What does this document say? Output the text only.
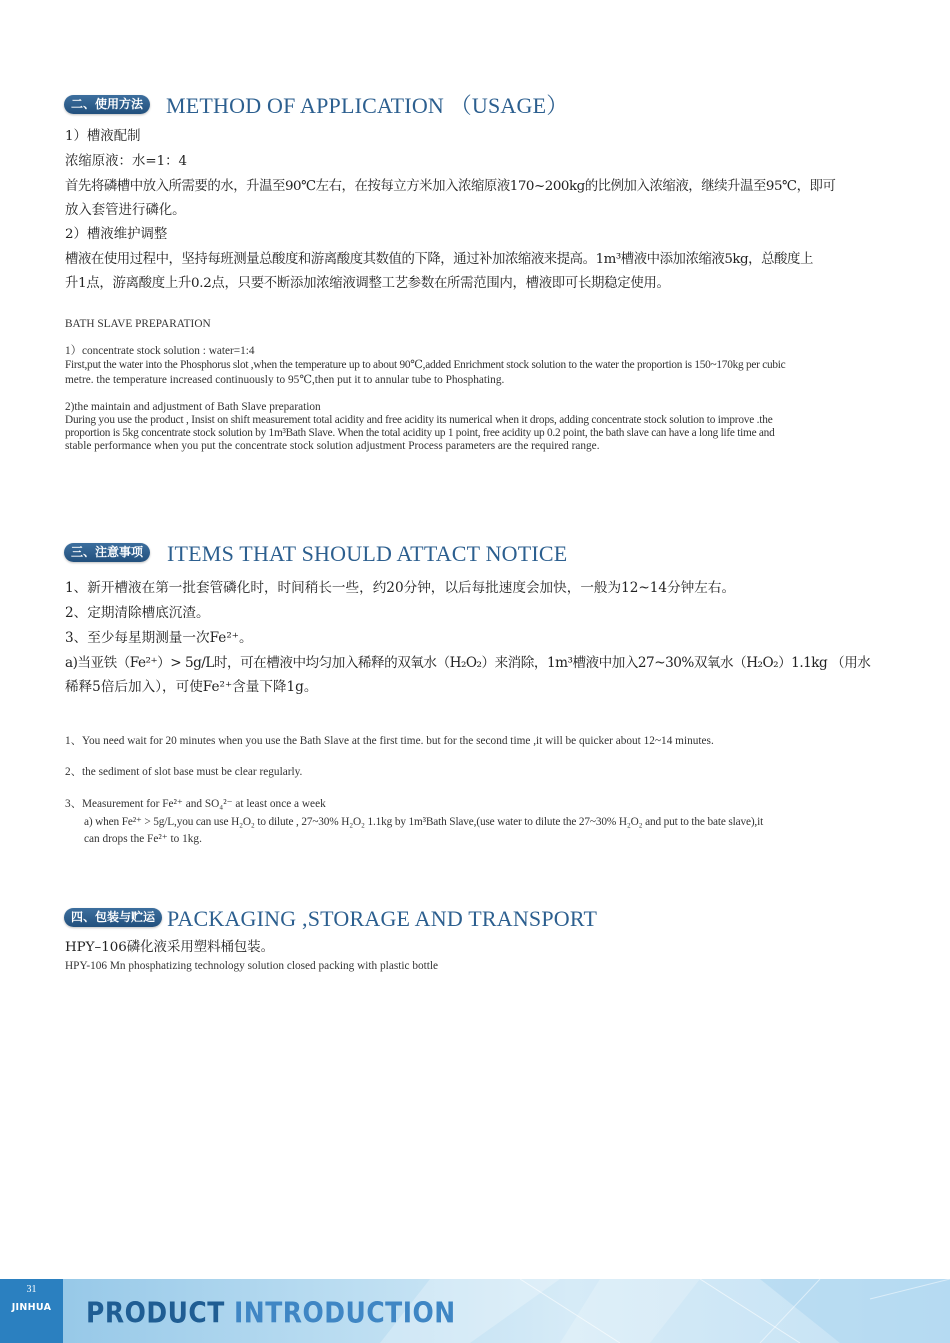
二、使用方法	METHOD OF APPLICATION （USAGE）
1）槽液配制
浓缩原液：水=1：4
首先将磷槽中放入所需要的水，升温至90℃左右，在按每立方米加入浓缩原液170~200kg的比例加入浓缩液，继续升温至95℃，即可
放入套管进行磷化。
2）槽液维护调整
槽液在使用过程中，坚持每班测量总酸度和游离酸度其数值的下降，通过补加浓缩液来提高。1m³槽液中添加浓缩液5kg，总酸度上
升1点，游离酸度上升0.2点，只要不断添加浓缩液调整工艺参数在所需范围内，槽液即可长期稳定使用。
BATH SLAVE PREPARATION
1）concentrate stock solution : water=1:4
First,put the water into the Phosphorus slot ,when the temperature up to about 90℃,added Enrichment stock solution to the water the proportion is 150~170kg per cubic
metre. the temperature increased continuously to 95℃,then put it to annular tube to Phosphating.
2)the maintain and adjustment of Bath Slave preparation
During you use the product , Insist on shift measurement total acidity and free acidity its numerical when it drops, adding concentrate stock solution to improve .the
proportion is 5kg concentrate stock solution by 1m³Bath Slave. When the total acidity up 1 point, free acidity up 0.2 point, the bath slave can have a long life time and
stable performance when you put the concentrate stock solution adjustment Process parameters are the required range.
三、注意事项	ITEMS THAT SHOULD ATTACT NOTICE
1、新开槽液在第一批套管磷化时，时间稍长一些，约20分钟，以后每批速度会加快，一般为12~14分钟左右。
2、定期清除槽底沉渣。
3、至少每星期测量一次Fe²⁺。
a)当亚铁（Fe²⁺）> 5g/L时，可在槽液中均匀加入稀释的双氧水（H₂O₂）来消除，1m³槽液中加入27~30%双氧水（H₂O₂）1.1kg （用水
稀释5倍后加入），可使Fe²⁺含量下降1g。
1、You need wait for 20 minutes when you use the Bath Slave at the first time. but for the second time ,it will be quicker about 12~14 minutes.
2、the sediment of slot base must be clear regularly.
3、Measurement for Fe²⁺ and SO₄²⁻ at least once a week
a) when Fe²⁺ > 5g/L,you can use H₂O₂ to dilute , 27~30% H₂O₂ 1.1kg by 1m³Bath Slave,(use water to dilute the 27~30% H₂O₂ and put to the bate slave),it
can drops the Fe²⁺ to 1kg.
四、包装与贮运 PACKAGING ,STORAGE AND TRANSPORT
HPY–106磷化液采用塑料桶包装。
HPY-106 Mn phosphatizing technology solution closed packing with plastic bottle
31
JINHUA	PRODUCT INTRODUCTION
